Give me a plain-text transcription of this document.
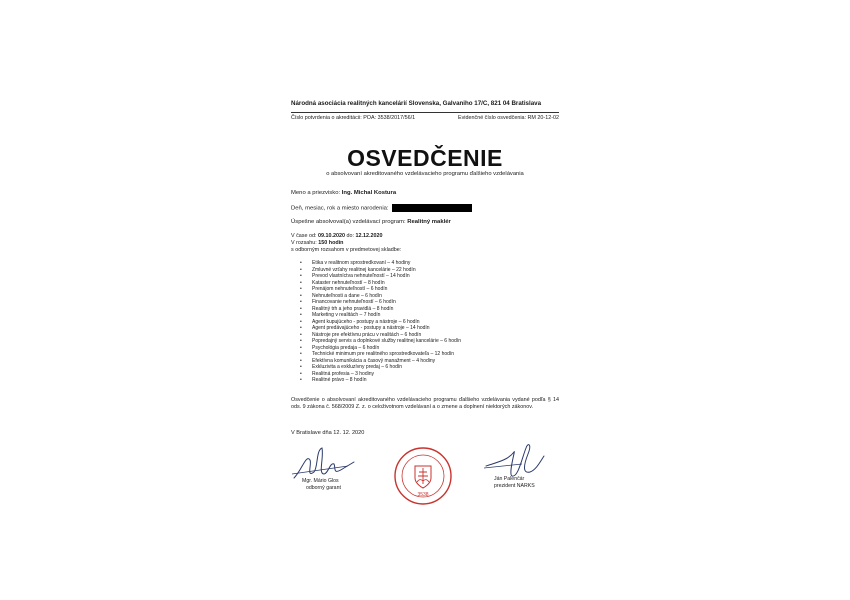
Národná asociácia realitných kancelárií Slovenska, Galvaniho 17/C, 821 04 Bratislava
Číslo potvrdenia o akreditácii: POA: 3538/2017/56/1	Evidenčné číslo osvedčenia: RM 20-12-02
OSVEDČENIE
o absolvovaní akreditovaného vzdelávacieho programu ďalšieho vzdelávania
Meno a priezvisko: Ing. Michal Kostura
Deň, mesiac, rok a miesto narodenia:
Úspešne absolvoval(a) vzdelávací program: Realitný maklér
V čase od: 09.10.2020 do: 12.12.2020
V rozsahu: 150 hodín
s odborným rozsahom v predmetovej skladbe:
• Etika v realitnom sprostredkovaní – 4 hodiny
• Zmluvné vzťahy realitnej kancelárie – 22 hodín
• Prevod vlastníctva nehnuteľností – 14 hodín
• Kataster nehnuteľností – 8 hodín
• Prenájom nehnuteľností – 6 hodín
• Nehnuteľnosti a dane – 6 hodín
• Financovanie nehnuteľností – 6 hodín
• Realitný trh a jeho pravidlá – 8 hodín
• Marketing v realitách – 7 hodín
• Agent kupujúceho - postupy a nástroje – 6 hodín
• Agent predávajúceho - postupy a nástroje – 14 hodín
• Nástroje pre efektívnu prácu v realitách – 6 hodín
• Popredajný servis a doplnkové služby realitnej kancelárie – 6 hodín
• Psychológia predaja – 6 hodín
• Technické minimum pre realitného sprostredkovateľa – 12 hodín
• Efektívna komunikácia a časový manažment – 4 hodiny
• Exkluzivita a exkluzívny predaj – 6 hodín
• Realitná profesia – 3 hodiny
• Realitné právo – 8 hodín
Osvedčenie o absolvovaní akreditovaného vzdelávacieho programu ďalšieho vzdelávania vydané podľa § 14 ods. 9 zákona č. 568/2009 Z. z. o celoživotnom vzdelávaní a o zmene a doplnení niektorých zákonov.
V Bratislave dňa 12. 12. 2020
3538
Mgr. Mário Glos
odborný garant
Ján Palenčár
prezident NARKS
